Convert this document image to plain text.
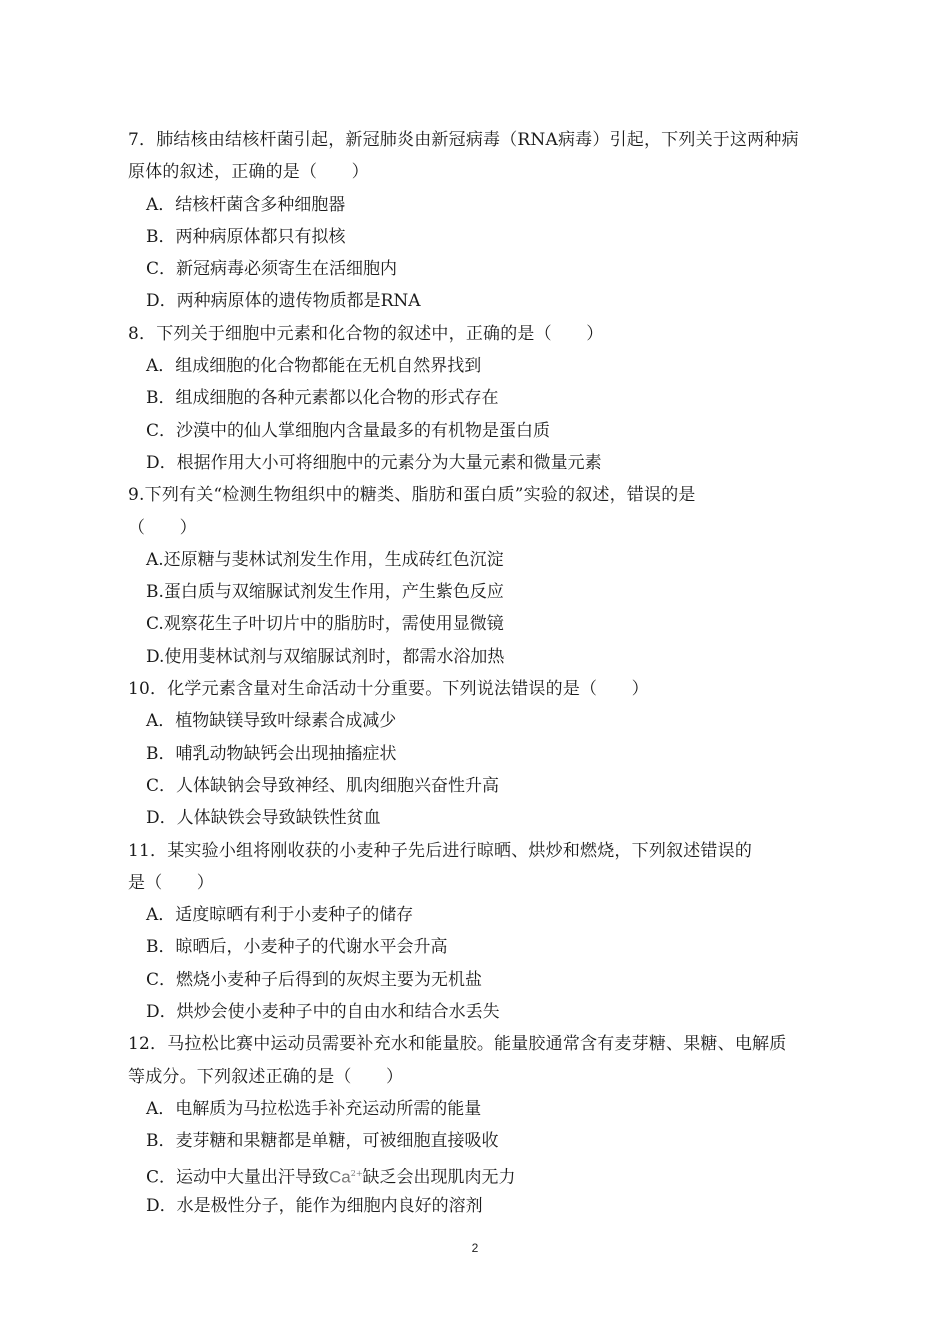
7．肺结核由结核杆菌引起，新冠肺炎由新冠病毒（RNA病毒）引起，下列关于这两种病
原体的叙述，正确的是（　　）
A．结核杆菌含多种细胞器
B．两种病原体都只有拟核
C．新冠病毒必须寄生在活细胞内
D．两种病原体的遗传物质都是RNA
8．下列关于细胞中元素和化合物的叙述中，正确的是（　　）
A．组成细胞的化合物都能在无机自然界找到
B．组成细胞的各种元素都以化合物的形式存在
C．沙漠中的仙人掌细胞内含量最多的有机物是蛋白质
D．根据作用大小可将细胞中的元素分为大量元素和微量元素
9.下列有关“检测生物组织中的糖类、脂肪和蛋白质”实验的叙述，错误的是
（　　）
A.还原糖与斐林试剂发生作用，生成砖红色沉淀
B.蛋白质与双缩脲试剂发生作用，产生紫色反应
C.观察花生子叶切片中的脂肪时，需使用显微镜
D.使用斐林试剂与双缩脲试剂时，都需水浴加热
10．化学元素含量对生命活动十分重要。下列说法错误的是（　　）
A．植物缺镁导致叶绿素合成减少
B．哺乳动物缺钙会出现抽搐症状
C．人体缺钠会导致神经、肌肉细胞兴奋性升高
D．人体缺铁会导致缺铁性贫血
11．某实验小组将刚收获的小麦种子先后进行晾晒、烘炒和燃烧，下列叙述错误的
是（　　）
A．适度晾晒有利于小麦种子的储存
B．晾晒后，小麦种子的代谢水平会升高
C．燃烧小麦种子后得到的灰烬主要为无机盐
D．烘炒会使小麦种子中的自由水和结合水丢失
12．马拉松比赛中运动员需要补充水和能量胶。能量胶通常含有麦芽糖、果糖、电解质
等成分。下列叙述正确的是（　　）
A．电解质为马拉松选手补充运动所需的能量
B．麦芽糖和果糖都是单糖，可被细胞直接吸收
C．运动中大量出汗导致$Ca^{2+}$缺乏会出现肌肉无力
D．水是极性分子，能作为细胞内良好的溶剂
2
